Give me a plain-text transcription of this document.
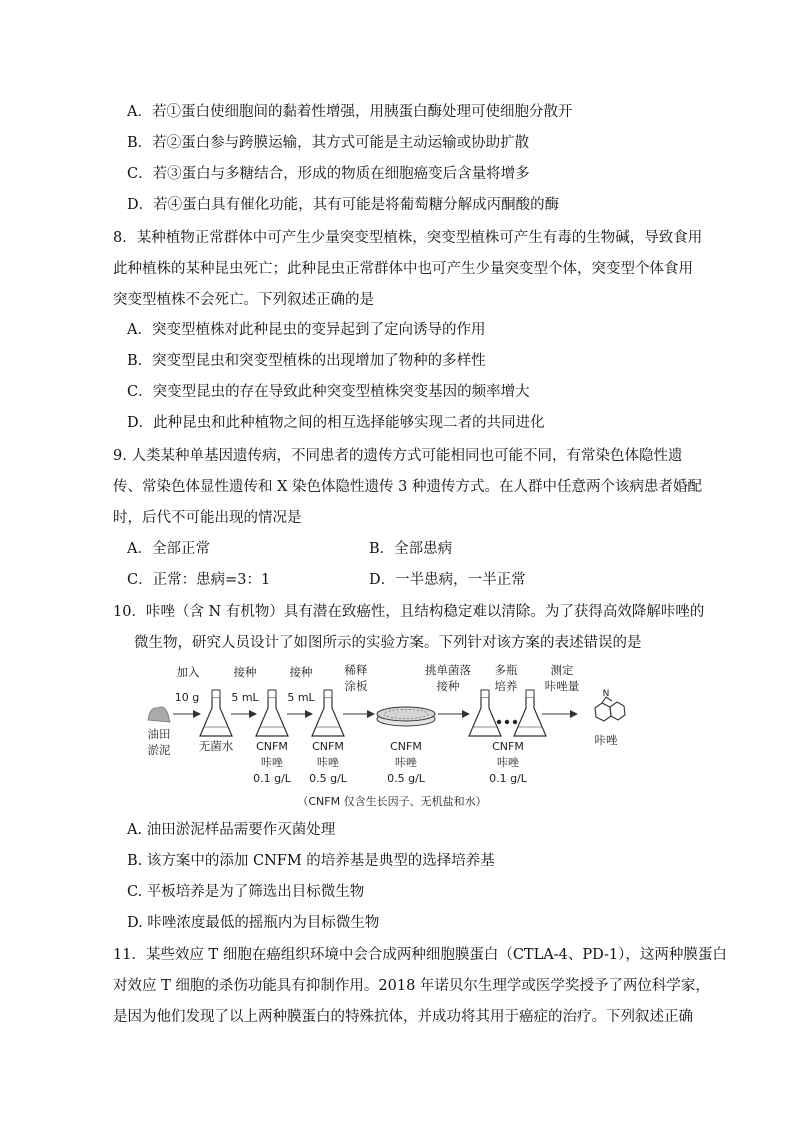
A．若①蛋白使细胞间的黏着性增强，用胰蛋白酶处理可使细胞分散开
B．若②蛋白参与跨膜运输，其方式可能是主动运输或协助扩散
C．若③蛋白与多糖结合，形成的物质在细胞癌变后含量将增多
D．若④蛋白具有催化功能，其有可能是将葡萄糖分解成丙酮酸的酶
8．某种植物正常群体中可产生少量突变型植株，突变型植株可产生有毒的生物碱，导致食用
此种植株的某种昆虫死亡；此种昆虫正常群体中也可产生少量突变型个体，突变型个体食用
突变型植株不会死亡。下列叙述正确的是
A．突变型植株对此种昆虫的变异起到了定向诱导的作用
B．突变型昆虫和突变型植株的出现增加了物种的多样性
C．突变型昆虫的存在导致此种突变型植株突变基因的频率增大
D．此种昆虫和此种植物之间的相互选择能够实现二者的共同进化
9. 人类某种单基因遗传病，不同患者的遗传方式可能相同也可能不同，有常染色体隐性遗
传、常染色体显性遗传和 X 染色体隐性遗传 3 种遗传方式。在人群中任意两个该病患者婚配
时，后代不可能出现的情况是
A．全部正常	B．全部患病
C．正常：患病=3：1	D．一半患病，一半正常
10．咔唑（含 N 有机物）具有潜在致癌性，且结构稳定难以清除。为了获得高效降解咔唑的
微生物，研究人员设计了如图所示的实验方案。下列针对该方案的表述错误的是
加入	接种	接种	稀释
涂板
挑单菌落
接种
多瓶
培养
测定
咔唑量
10 g	5 mL	5 mL
油田
淤泥
N
咔唑
无菌水 CNFM
咔唑
0.1 g/L
CNFM
咔唑
0.5 g/L
CNFM
咔唑
0.5 g/L
CNFM
咔唑
0.1 g/L
（CNFM 仅含生长因子、无机盐和水）
A. 油田淤泥样品需要作灭菌处理
B. 该方案中的添加 CNFM 的培养基是典型的选择培养基
C. 平板培养是为了筛选出目标微生物
D. 咔唑浓度最低的摇瓶内为目标微生物
11．某些效应 T 细胞在癌组织环境中会合成两种细胞膜蛋白（CTLA-4、PD-1），这两种膜蛋白
对效应 T 细胞的杀伤功能具有抑制作用。2018 年诺贝尔生理学或医学奖授予了两位科学家，
是因为他们发现了以上两种膜蛋白的特殊抗体，并成功将其用于癌症的治疗。下列叙述正确
